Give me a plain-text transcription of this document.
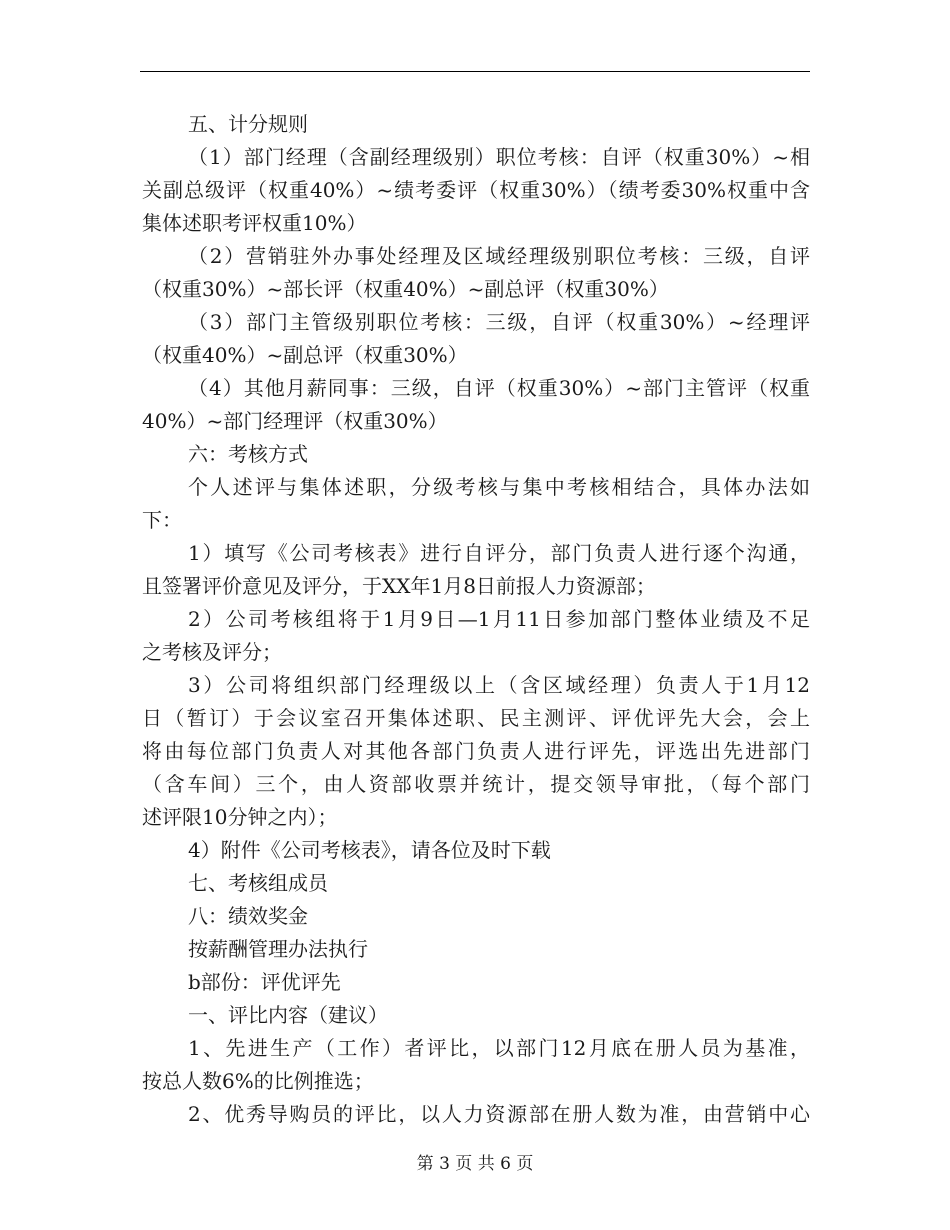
五、计分规则
（1）部门经理（含副经理级别）职位考核：自评（权重30%）~相
关副总级评（权重40%）~绩考委评（权重30%）（绩考委30%权重中含
集体述职考评权重10%）
（2）营销驻外办事处经理及区域经理级别职位考核：三级，自评
（权重30%）~部长评（权重40%）~副总评（权重30%）
（3）部门主管级别职位考核：三级，自评（权重30%）~经理评
（权重40%）~副总评（权重30%）
（4）其他月薪同事：三级，自评（权重30%）~部门主管评（权重
40%）~部门经理评（权重30%）
六：考核方式
个人述评与集体述职，分级考核与集中考核相结合，具体办法如
下：
1）填写《公司考核表》进行自评分，部门负责人进行逐个沟通，
且签署评价意见及评分，于XX年1月8日前报人力资源部；
2）公司考核组将于1月9日—1月11日参加部门整体业绩及不足
之考核及评分；
3）公司将组织部门经理级以上（含区域经理）负责人于1月12
日（暂订）于会议室召开集体述职、民主测评、评优评先大会，会上
将由每位部门负责人对其他各部门负责人进行评先，评选出先进部门
（含车间）三个，由人资部收票并统计，提交领导审批，（每个部门
述评限10分钟之内）；
4）附件《公司考核表》，请各位及时下载
七、考核组成员
八：绩效奖金
按薪酬管理办法执行
b部份：评优评先
一、评比内容（建议）
1、先进生产（工作）者评比，以部门12月底在册人员为基准，
按总人数6%的比例推选；
2、优秀导购员的评比，以人力资源部在册人数为准，由营销中心
第 3 页 共 6 页
